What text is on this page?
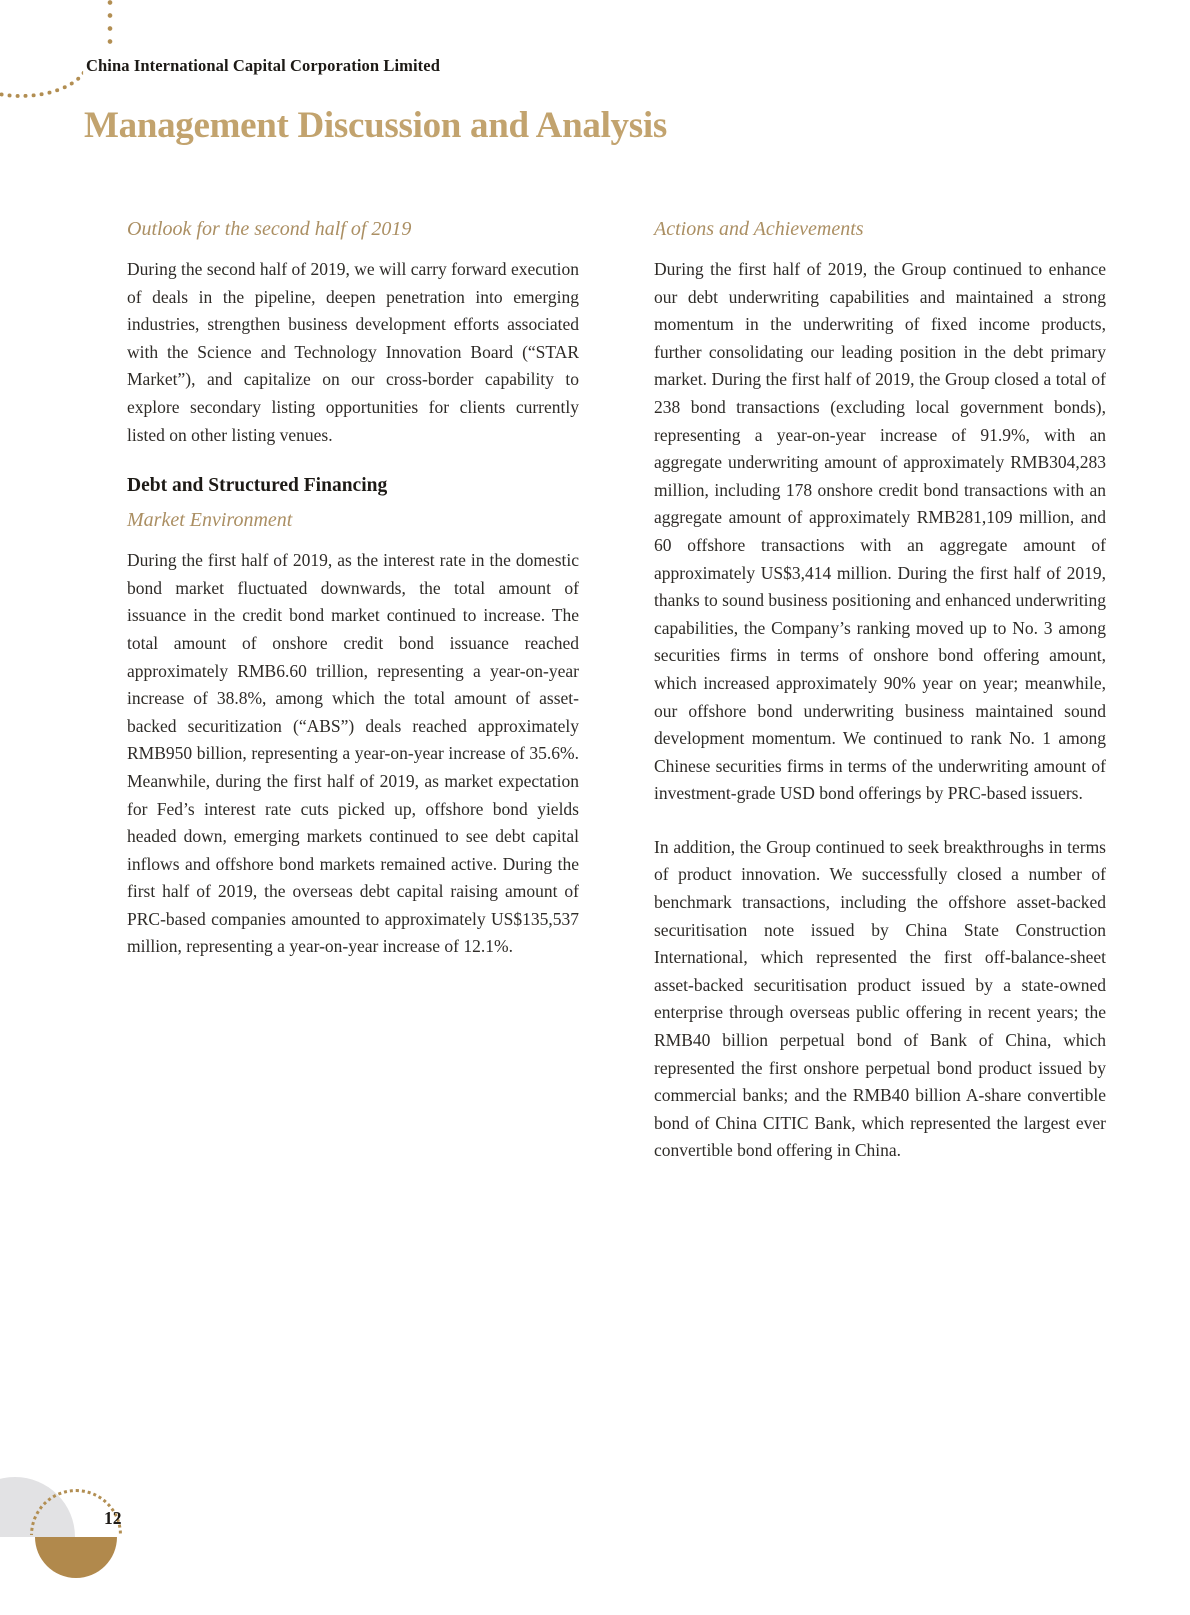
China International Capital Corporation Limited
Management Discussion and Analysis
Outlook for the second half of 2019

During the second half of 2019, we will carry forward execution of deals in the pipeline, deepen penetration into emerging industries, strengthen business development efforts associated with the Science and Technology Innovation Board (“STAR Market”), and capitalize on our cross-border capability to explore secondary listing opportunities for clients currently listed on other listing venues.

Debt and Structured Financing
Market Environment

During the first half of 2019, as the interest rate in the domestic bond market fluctuated downwards, the total amount of issuance in the credit bond market continued to increase. The total amount of onshore credit bond issuance reached approximately RMB6.60 trillion, representing a year-on-year increase of 38.8%, among which the total amount of asset-backed securitization (“ABS”) deals reached approximately RMB950 billion, representing a year-on-year increase of 35.6%. Meanwhile, during the first half of 2019, as market expectation for Fed’s interest rate cuts picked up, offshore bond yields headed down, emerging markets continued to see debt capital inflows and offshore bond markets remained active. During the first half of 2019, the overseas debt capital raising amount of PRC-based companies amounted to approximately US$135,537 million, representing a year-on-year increase of 12.1%.

Actions and Achievements

During the first half of 2019, the Group continued to enhance our debt underwriting capabilities and maintained a strong momentum in the underwriting of fixed income products, further consolidating our leading position in the debt primary market. During the first half of 2019, the Group closed a total of 238 bond transactions (excluding local government bonds), representing a year-on-year increase of 91.9%, with an aggregate underwriting amount of approximately RMB304,283 million, including 178 onshore credit bond transactions with an aggregate amount of approximately RMB281,109 million, and 60 offshore transactions with an aggregate amount of approximately US$3,414 million. During the first half of 2019, thanks to sound business positioning and enhanced underwriting capabilities, the Company’s ranking moved up to No. 3 among securities firms in terms of onshore bond offering amount, which increased approximately 90% year on year; meanwhile, our offshore bond underwriting business maintained sound development momentum. We continued to rank No. 1 among Chinese securities firms in terms of the underwriting amount of investment-grade USD bond offerings by PRC-based issuers.

In addition, the Group continued to seek breakthroughs in terms of product innovation. We successfully closed a number of benchmark transactions, including the offshore asset-backed securitisation note issued by China State Construction International, which represented the first off-balance-sheet asset-backed securitisation product issued by a state-owned enterprise through overseas public offering in recent years; the RMB40 billion perpetual bond of Bank of China, which represented the first onshore perpetual bond product issued by commercial banks; and the RMB40 billion A-share convertible bond of China CITIC Bank, which represented the largest ever convertible bond offering in China.

12
